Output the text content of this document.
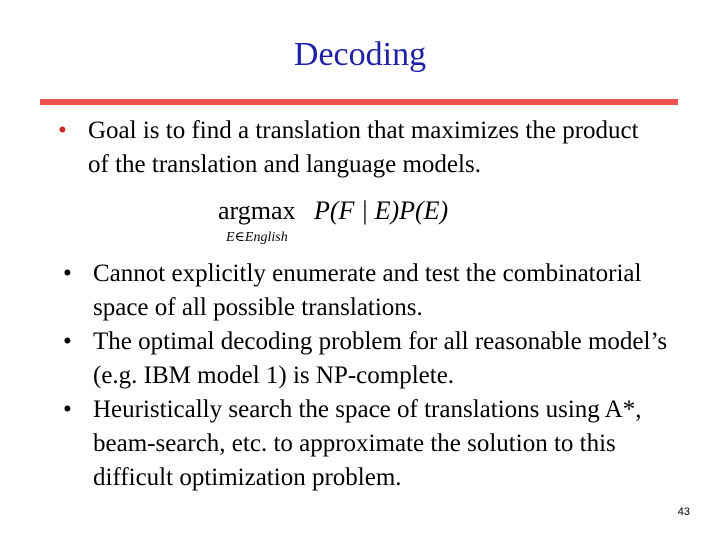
Decoding
• Goal is to find a translation that maximizes the product of the translation and language models.
argmax P(F | E)P(E)
E∈English

• Cannot explicitly enumerate and test the combinatorial space of all possible translations.

• The optimal decoding problem for all reasonable model’s (e.g. IBM model 1) is NP-complete.

• Heuristically search the space of translations using A*, beam-search, etc. to approximate the solution to this difficult optimization problem.

43
